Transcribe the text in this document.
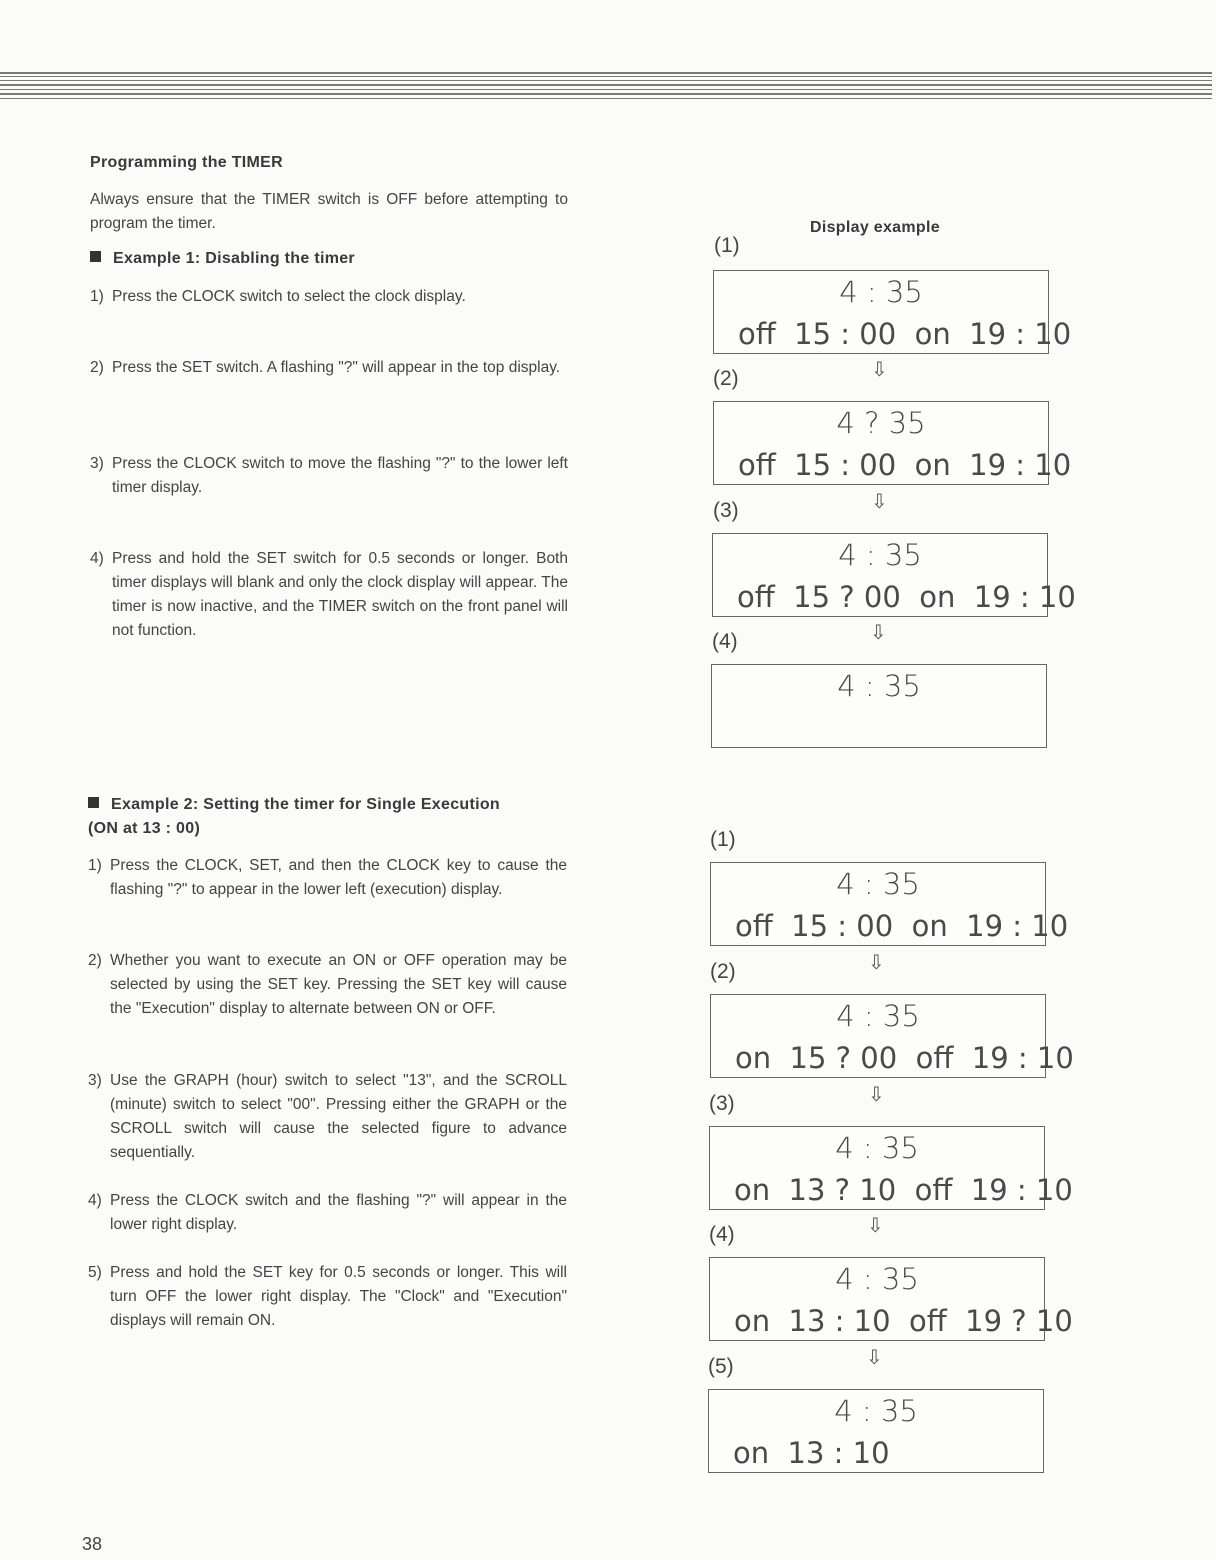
Programming the TIMER

Always ensure that the TIMER switch is OFF before attempting to program the timer.

Example 1: Disabling the timer
1) Press the CLOCK switch to select the clock display.
2) Press the SET switch. A flashing "?" will appear in the top display.
3) Press the CLOCK switch to move the flashing "?" to the lower left timer display.
4) Press and hold the SET switch for 0.5 seconds or longer. Both timer displays will blank and only the clock display will appear. The timer is now inactive, and the TIMER switch on the front panel will not function.
Display example
(1)
4 : 35
off  15 : 00  on  19 : 10
⇩
(2)
4 ? 35
off  15 : 00  on  19 : 10
⇩
(3)
4 : 35
off  15 ? 00  on  19 : 10
⇩
(4)
4 : 35
Example 2: Setting the timer for Single Execution
(ON at 13 : 00)
1) Press the CLOCK, SET, and then the CLOCK key to cause the flashing "?" to appear in the lower left (execution) display.
2) Whether you want to execute an ON or OFF operation may be selected by using the SET key. Pressing the SET key will cause the "Execution" display to alternate between ON or OFF.
3) Use the GRAPH (hour) switch to select "13", and the SCROLL (minute) switch to select "00". Pressing either the GRAPH or the SCROLL switch will cause the selected figure to advance sequentially.
4) Press the CLOCK switch and the flashing "?" will appear in the lower right display.
5) Press and hold the SET key for 0.5 seconds or longer. This will turn OFF the lower right display. The "Clock" and "Execution" displays will remain ON.
(1)
4 : 35
off  15 : 00  on  19 : 10
⇩
(2)
4 : 35
on  15 ? 00  off  19 : 10
⇩
(3)
4 : 35
on  13 ? 10  off  19 : 10
⇩
(4)
4 : 35
on  13 : 10  off  19 ? 10
⇩
(5)
4 : 35
on  13 : 10
38
